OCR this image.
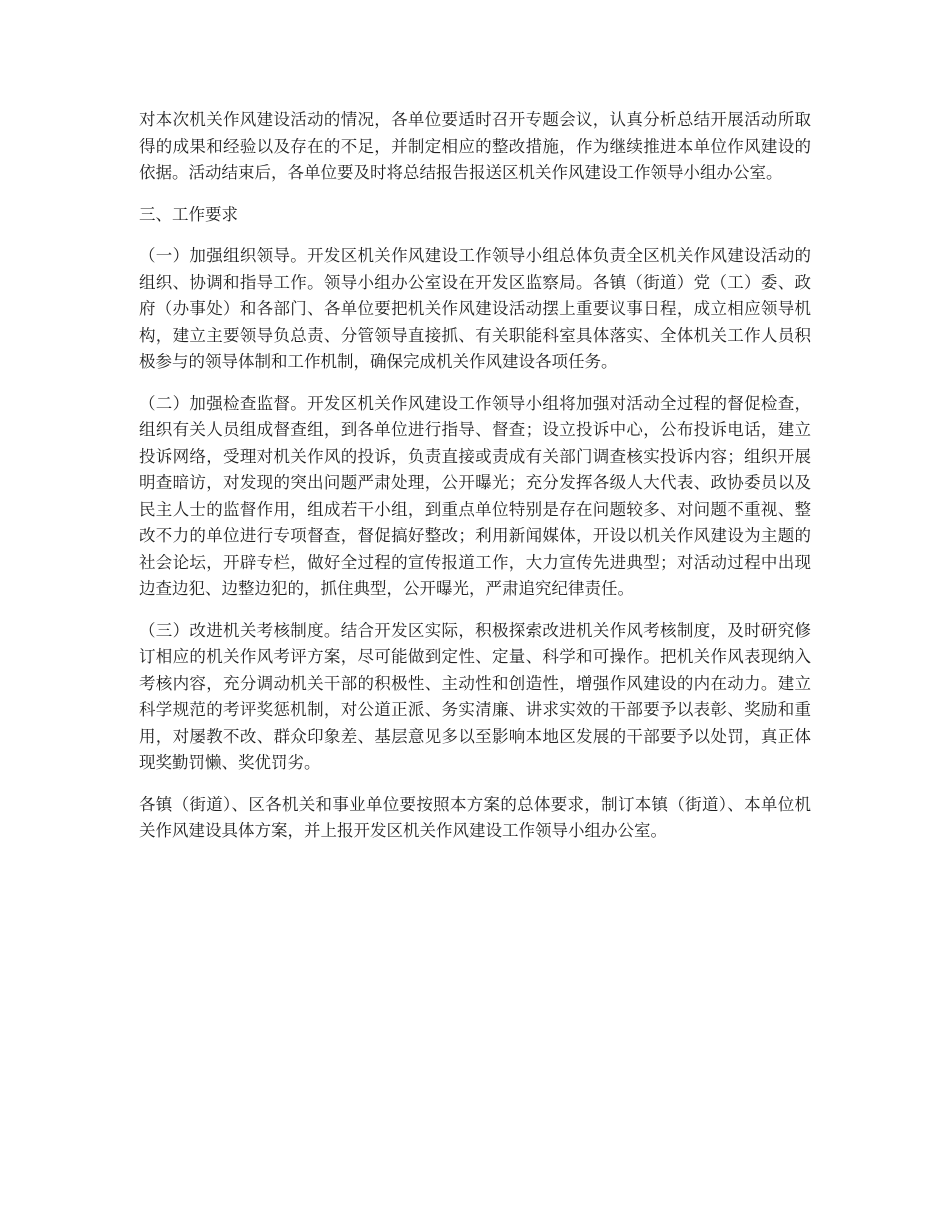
对本次机关作风建设活动的情况，各单位要适时召开专题会议，认真分析总结开展活动所取得的成果和经验以及存在的不足，并制定相应的整改措施，作为继续推进本单位作风建设的依据。活动结束后，各单位要及时将总结报告报送区机关作风建设工作领导小组办公室。

三、工作要求

（一）加强组织领导。开发区机关作风建设工作领导小组总体负责全区机关作风建设活动的组织、协调和指导工作。领导小组办公室设在开发区监察局。各镇（街道）党（工）委、政府（办事处）和各部门、各单位要把机关作风建设活动摆上重要议事日程，成立相应领导机构，建立主要领导负总责、分管领导直接抓、有关职能科室具体落实、全体机关工作人员积极参与的领导体制和工作机制，确保完成机关作风建设各项任务。

（二）加强检查监督。开发区机关作风建设工作领导小组将加强对活动全过程的督促检查，组织有关人员组成督查组，到各单位进行指导、督查；设立投诉中心，公布投诉电话，建立投诉网络，受理对机关作风的投诉，负责直接或责成有关部门调查核实投诉内容；组织开展明查暗访，对发现的突出问题严肃处理，公开曝光；充分发挥各级人大代表、政协委员以及民主人士的监督作用，组成若干小组，到重点单位特别是存在问题较多、对问题不重视、整改不力的单位进行专项督查，督促搞好整改；利用新闻媒体，开设以机关作风建设为主题的社会论坛，开辟专栏，做好全过程的宣传报道工作，大力宣传先进典型；对活动过程中出现边查边犯、边整边犯的，抓住典型，公开曝光，严肃追究纪律责任。

（三）改进机关考核制度。结合开发区实际，积极探索改进机关作风考核制度，及时研究修订相应的机关作风考评方案，尽可能做到定性、定量、科学和可操作。把机关作风表现纳入考核内容，充分调动机关干部的积极性、主动性和创造性，增强作风建设的内在动力。建立科学规范的考评奖惩机制，对公道正派、务实清廉、讲求实效的干部要予以表彰、奖励和重用，对屡教不改、群众印象差、基层意见多以至影响本地区发展的干部要予以处罚，真正体现奖勤罚懒、奖优罚劣。

各镇（街道）、区各机关和事业单位要按照本方案的总体要求，制订本镇（街道）、本单位机关作风建设具体方案，并上报开发区机关作风建设工作领导小组办公室。
